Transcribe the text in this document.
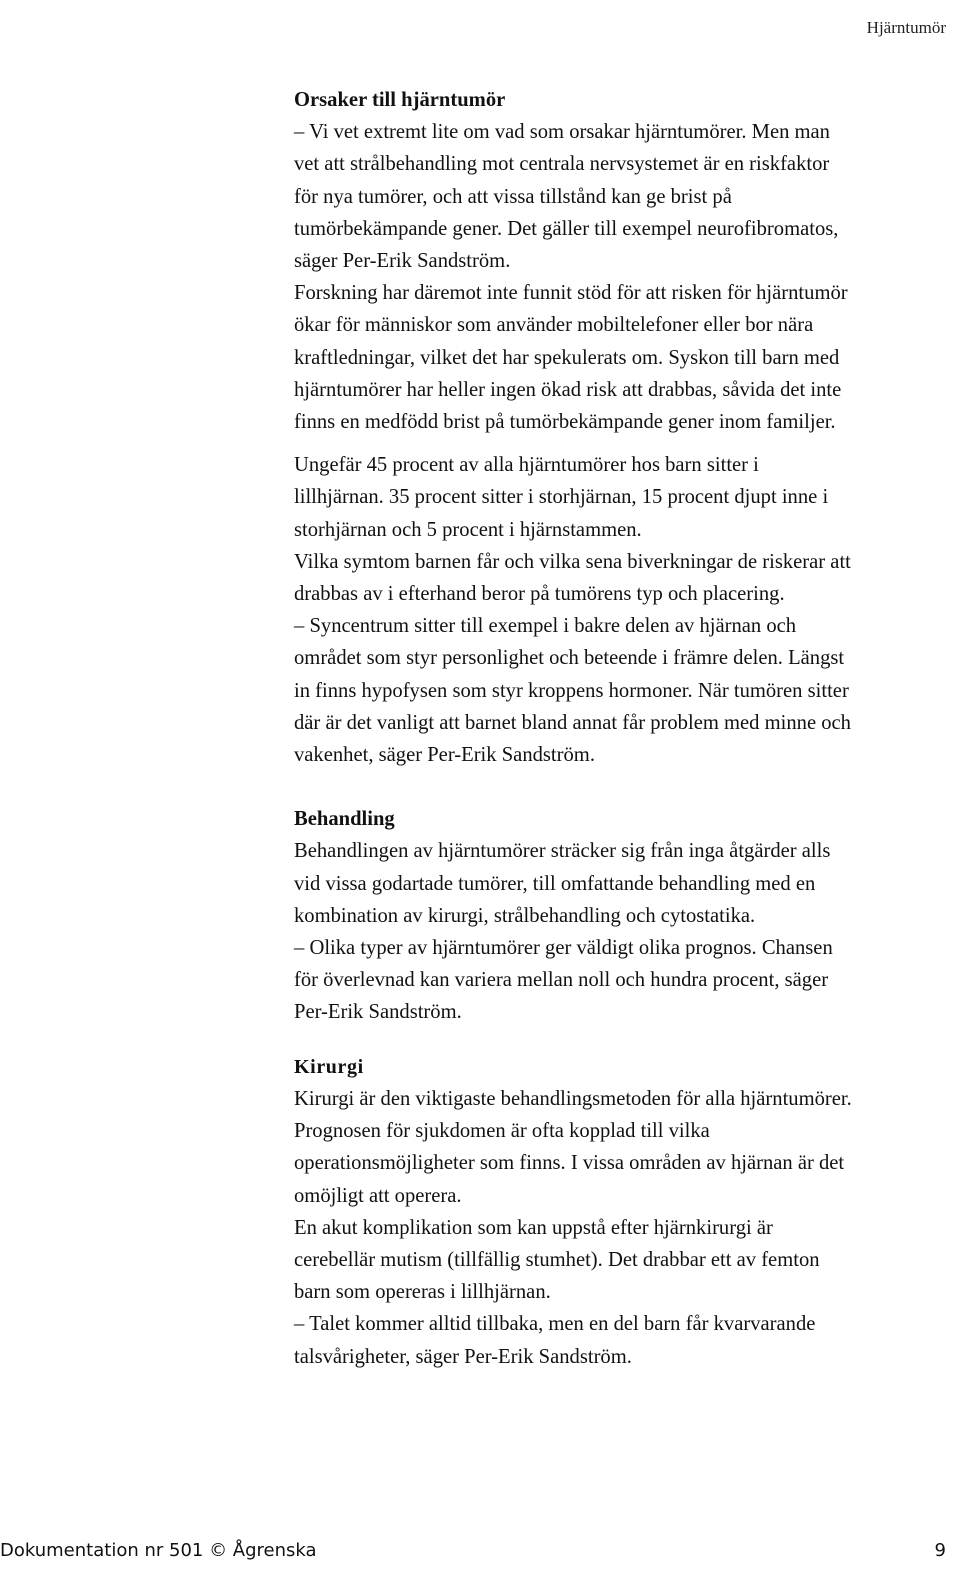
Hjärntumör
Orsaker till hjärntumör

– Vi vet extremt lite om vad som orsakar hjärntumörer. Men man
vet att strålbehandling mot centrala nervsystemet är en riskfaktor
för nya tumörer, och att vissa tillstånd kan ge brist på
tumörbekämpande gener. Det gäller till exempel neurofibromatos,
säger Per-Erik Sandström.

Forskning har däremot inte funnit stöd för att risken för hjärntumör
ökar för människor som använder mobiltelefoner eller bor nära
kraftledningar, vilket det har spekulerats om. Syskon till barn med
hjärntumörer har heller ingen ökad risk att drabbas, såvida det inte
finns en medfödd brist på tumörbekämpande gener inom familjer.

Ungefär 45 procent av alla hjärntumörer hos barn sitter i
lillhjärnan. 35 procent sitter i storhjärnan, 15 procent djupt inne i
storhjärnan och 5 procent i hjärnstammen.

Vilka symtom barnen får och vilka sena biverkningar de riskerar att
drabbas av i efterhand beror på tumörens typ och placering.

– Syncentrum sitter till exempel i bakre delen av hjärnan och
området som styr personlighet och beteende i främre delen. Längst
in finns hypofysen som styr kroppens hormoner. När tumören sitter
där är det vanligt att barnet bland annat får problem med minne och
vakenhet, säger Per-Erik Sandström.

Behandling

Behandlingen av hjärntumörer sträcker sig från inga åtgärder alls
vid vissa godartade tumörer, till omfattande behandling med en
kombination av kirurgi, strålbehandling och cytostatika.

– Olika typer av hjärntumörer ger väldigt olika prognos. Chansen
för överlevnad kan variera mellan noll och hundra procent, säger
Per-Erik Sandström.

Kirurgi

Kirurgi är den viktigaste behandlingsmetoden för alla hjärntumörer.
Prognosen för sjukdomen är ofta kopplad till vilka
operationsmöjligheter som finns. I vissa områden av hjärnan är det
omöjligt att operera.

En akut komplikation som kan uppstå efter hjärnkirurgi är
cerebellär mutism (tillfällig stumhet). Det drabbar ett av femton
barn som opereras i lillhjärnan.

– Talet kommer alltid tillbaka, men en del barn får kvarvarande
talsvårigheter, säger Per-Erik Sandström.

Dokumentation nr 501 © Ågrenska	9
